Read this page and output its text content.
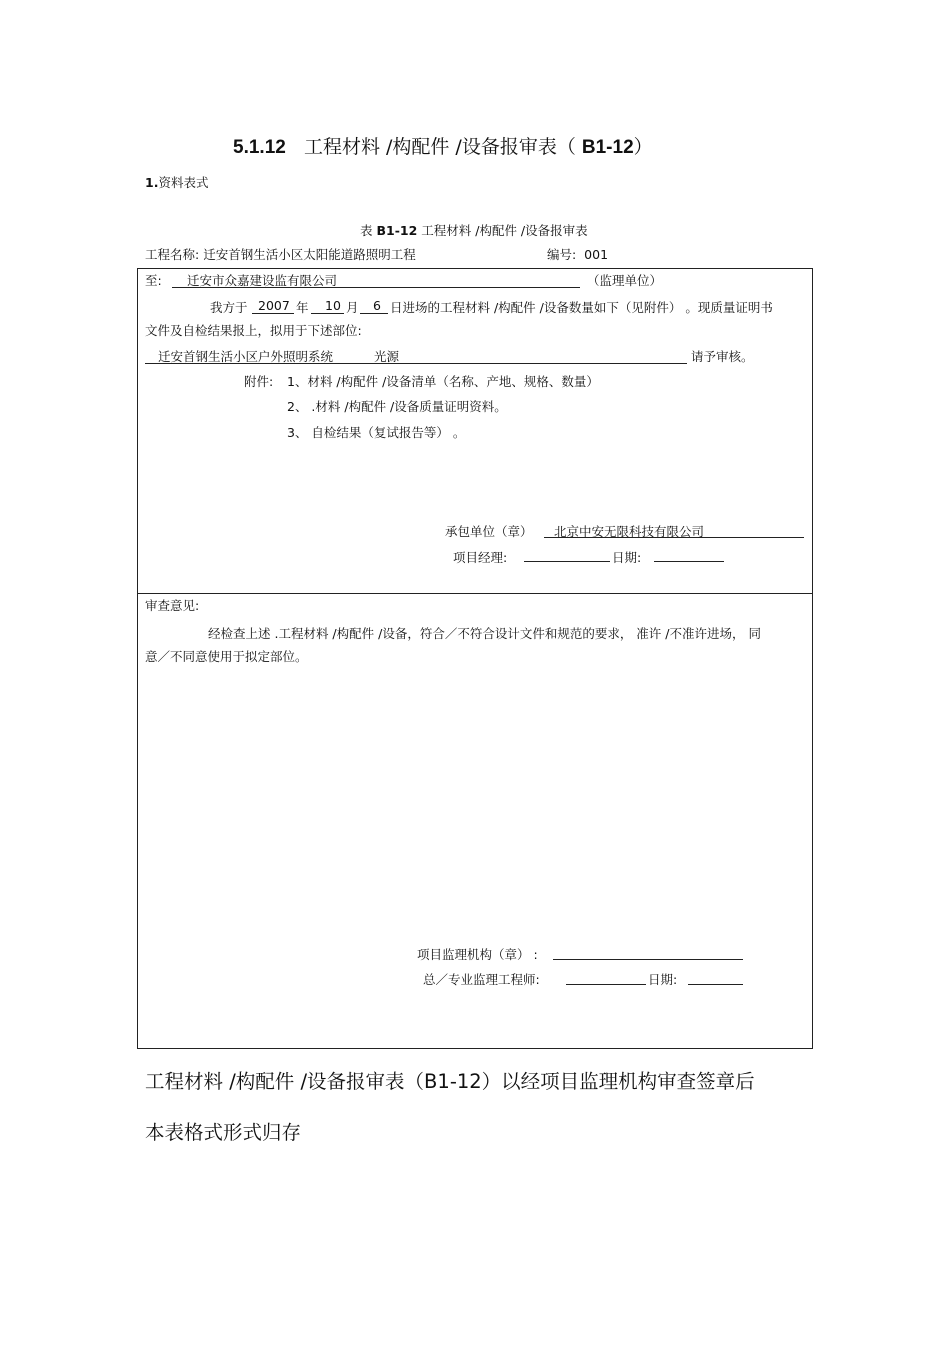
5.1.12 工程材料 /构配件 /设备报审表（ B1-12）
1.资料表式
表 B1-12 工程材料 /构配件 /设备报审表
工程名称: 迁安首钢生活小区太阳能道路照明工程	编号: 001
至: 迁安市众嘉建设监有限公司	（监理单位）
我方于 2007 年 10 月 6 日进场的工程材料 /构配件 /设备数量如下（见附件） 。现质量证明书
文件及自检结果报上，拟用于下述部位:
迁安首钢生活小区户外照明系统	光源	请予审核。
附件: 1、材料 /构配件 /设备清单（名称、产地、规格、数量）
2、 .材料 /构配件 /设备质量证明资料。
3、 自检结果（复试报告等） 。
承包单位（章） 北京中安无限科技有限公司
项目经理:	日期:
审查意见:
经检查上述 .工程材料 /构配件 /设备，符合／不符合设计文件和规范的要求， 准许 /不准许进场， 同
意／不同意使用于拟定部位。
项目监理机构（章） :
总／专业监理工程师:	日期:
工程材料 /构配件 /设备报审表（B1-12）以经项目监理机构审查签章后
本表格式形式归存
